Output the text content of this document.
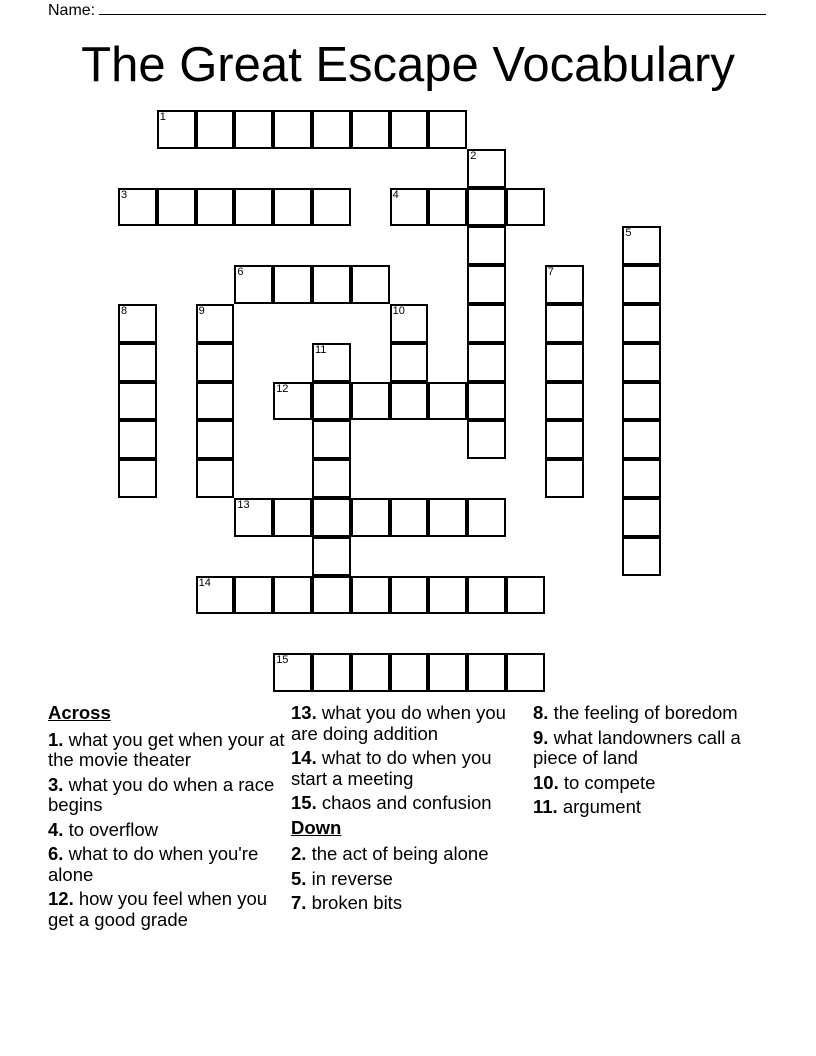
Name:
The Great Escape Vocabulary
1
2
3	4
5
6	7
8	9	10
11
12
13
14
15
Across
1. what you get when your at the movie theater
3. what you do when a race begins
4. to overflow
6. what to do when you're alone
12. how you feel when you get a good grade
13. what you do when you are doing addition
14. what to do when you start a meeting
15. chaos and confusion
Down
2. the act of being alone
5. in reverse
7. broken bits
8. the feeling of boredom
9. what landowners call a piece of land
10. to compete
11. argument
